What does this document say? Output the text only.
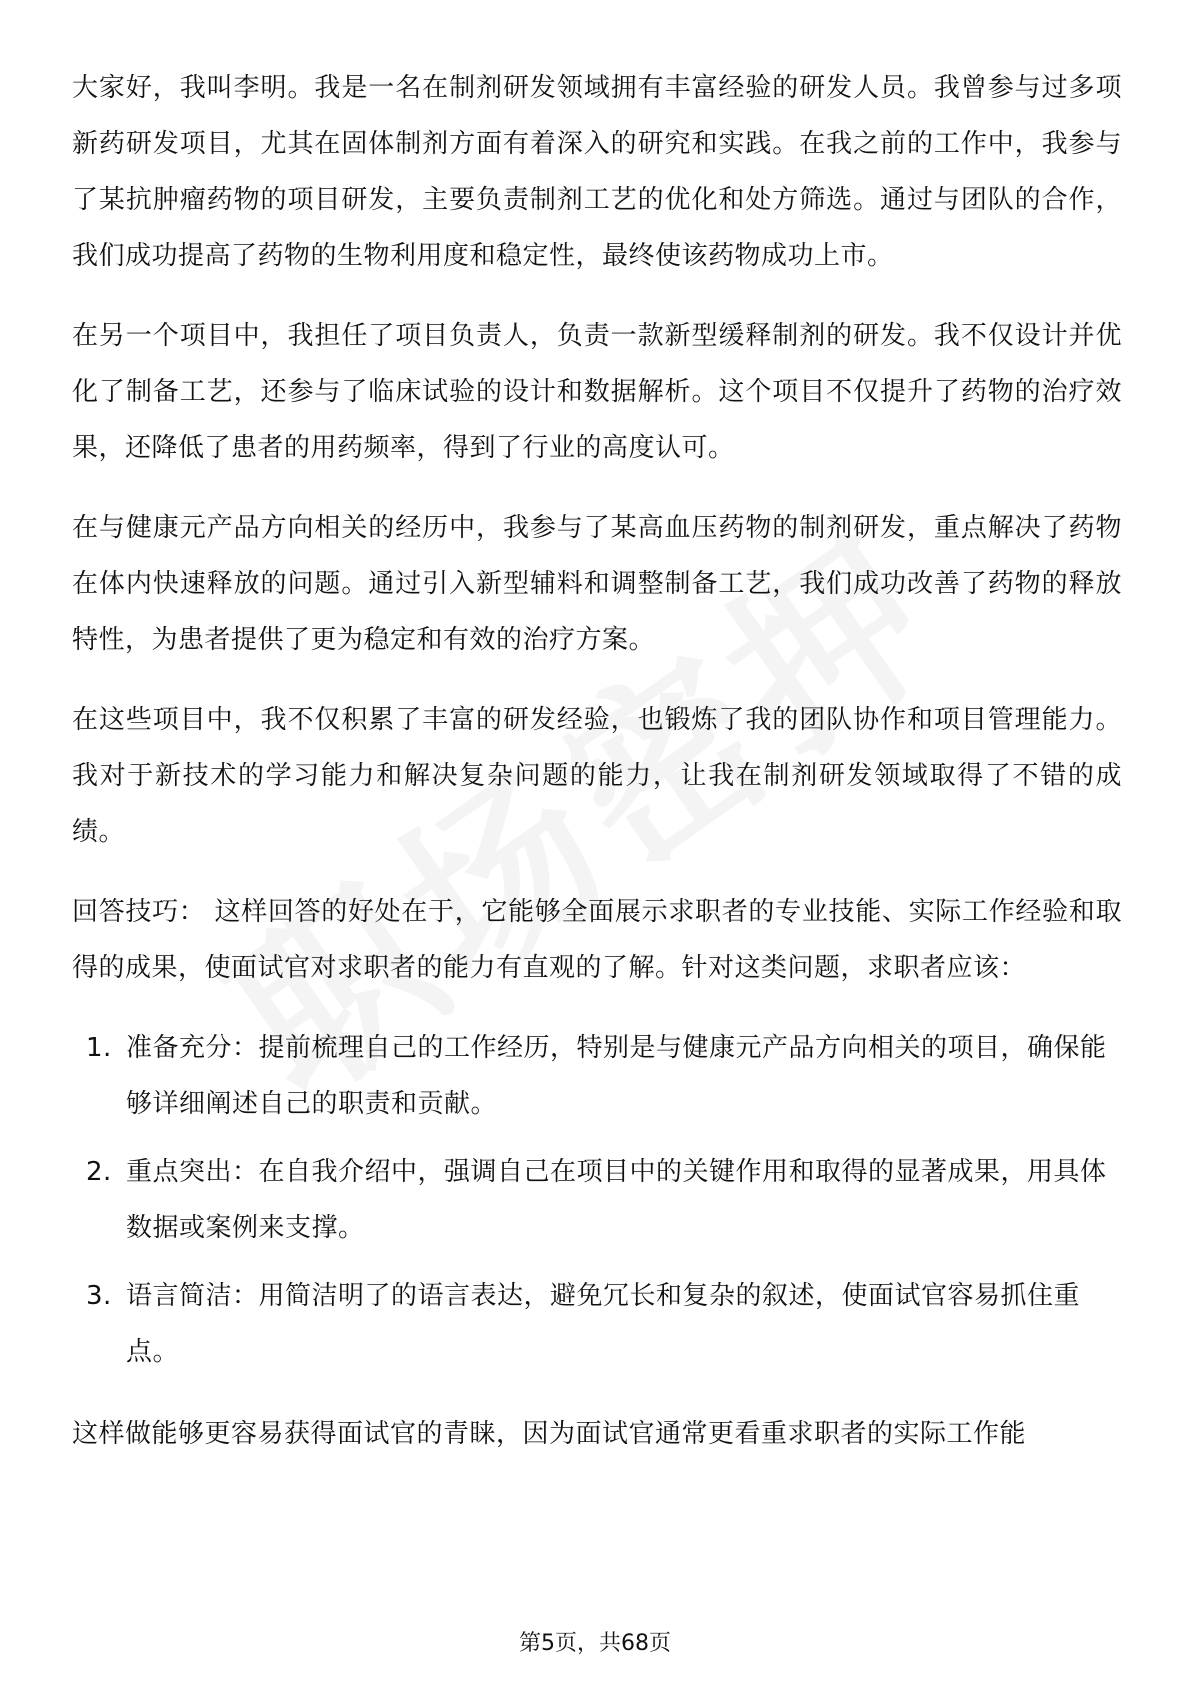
大家好，我叫李明。我是一名在制剂研发领域拥有丰富经验的研发人员。我曾参与过多项新药研发项目，尤其在固体制剂方面有着深入的研究和实践。在我之前的工作中，我参与了某抗肿瘤药物的项目研发，主要负责制剂工艺的优化和处方筛选。通过与团队的合作，我们成功提高了药物的生物利用度和稳定性，最终使该药物成功上市。

在另一个项目中，我担任了项目负责人，负责一款新型缓释制剂的研发。我不仅设计并优化了制备工艺，还参与了临床试验的设计和数据解析。这个项目不仅提升了药物的治疗效果，还降低了患者的用药频率，得到了行业的高度认可。

在与健康元产品方向相关的经历中，我参与了某高血压药物的制剂研发，重点解决了药物在体内快速释放的问题。通过引入新型辅料和调整制备工艺，我们成功改善了药物的释放特性，为患者提供了更为稳定和有效的治疗方案。

在这些项目中，我不仅积累了丰富的研发经验，也锻炼了我的团队协作和项目管理能力。我对于新技术的学习能力和解决复杂问题的能力，让我在制剂研发领域取得了不错的成绩。

回答技巧： 这样回答的好处在于，它能够全面展示求职者的专业技能、实际工作经验和取得的成果，使面试官对求职者的能力有直观的了解。针对这类问题，求职者应该：

1. 准备充分：提前梳理自己的工作经历，特别是与健康元产品方向相关的项目，确保能够详细阐述自己的职责和贡献。
2. 重点突出：在自我介绍中，强调自己在项目中的关键作用和取得的显著成果，用具体数据或案例来支撑。
3. 语言简洁：用简洁明了的语言表达，避免冗长和复杂的叙述，使面试官容易抓住重点。

这样做能够更容易获得面试官的青睐，因为面试官通常更看重求职者的实际工作能

第5页，共68页
